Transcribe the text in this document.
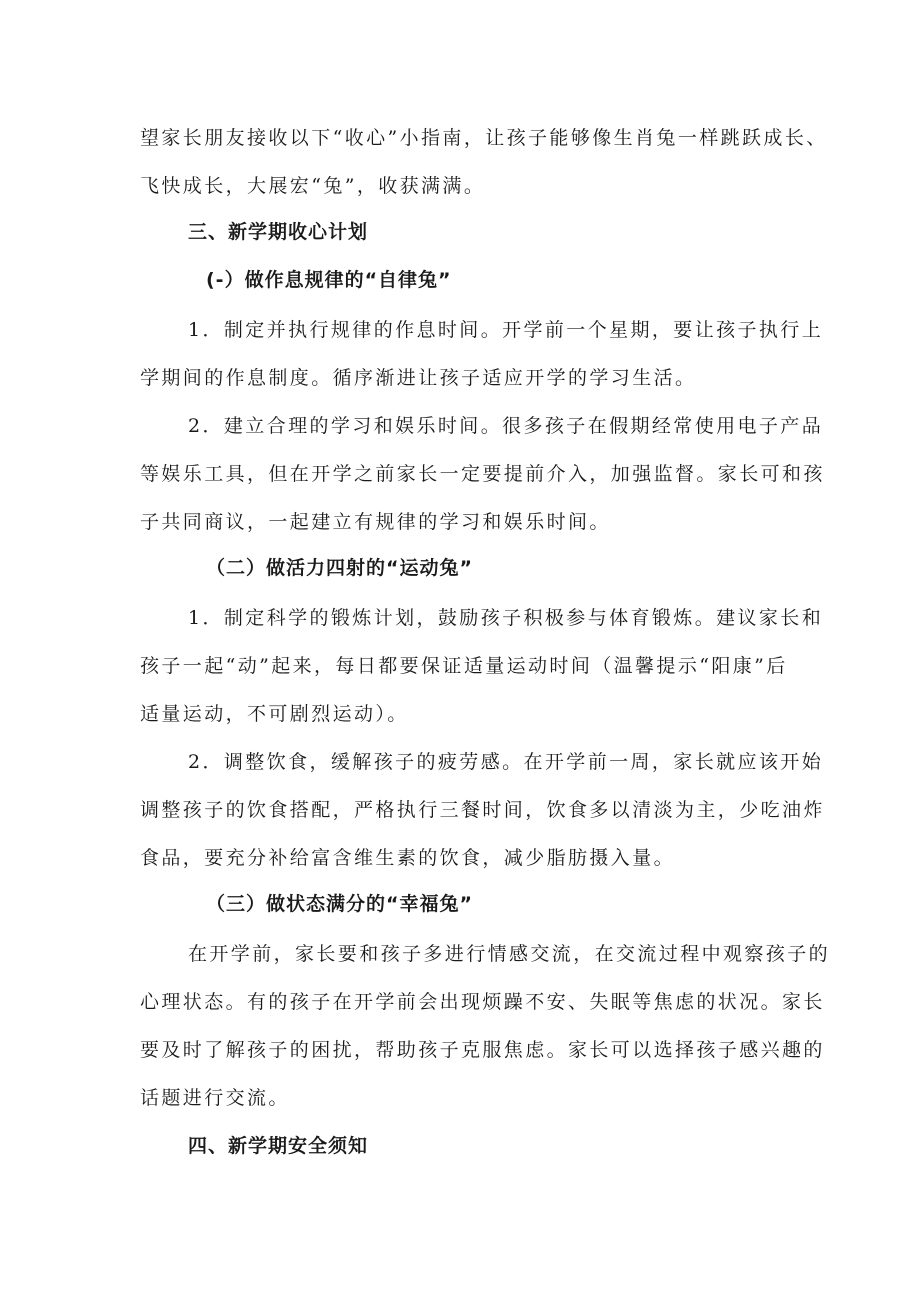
望家长朋友接收以下“收心”小指南，让孩子能够像生肖兔一样跳跃成长、
飞快成长，大展宏“兔”，收获满满。
三、新学期收心计划
(-）做作息规律的“自律兔”
1．制定并执行规律的作息时间。开学前一个星期，要让孩子执行上
学期间的作息制度。循序渐进让孩子适应开学的学习生活。
2．建立合理的学习和娱乐时间。很多孩子在假期经常使用电子产品
等娱乐工具，但在开学之前家长一定要提前介入，加强监督。家长可和孩
子共同商议，一起建立有规律的学习和娱乐时间。
（二）做活力四射的“运动兔”
1．制定科学的锻炼计划，鼓励孩子积极参与体育锻炼。建议家长和
孩子一起“动”起来，每日都要保证适量运动时间（温馨提示“阳康”后
适量运动，不可剧烈运动）。
2．调整饮食，缓解孩子的疲劳感。在开学前一周，家长就应该开始
调整孩子的饮食搭配，严格执行三餐时间，饮食多以清淡为主，少吃油炸
食品，要充分补给富含维生素的饮食，减少脂肪摄入量。
（三）做状态满分的“幸福兔”
在开学前，家长要和孩子多进行情感交流，在交流过程中观察孩子的
心理状态。有的孩子在开学前会出现烦躁不安、失眠等焦虑的状况。家长
要及时了解孩子的困扰，帮助孩子克服焦虑。家长可以选择孩子感兴趣的
话题进行交流。
四、新学期安全须知
